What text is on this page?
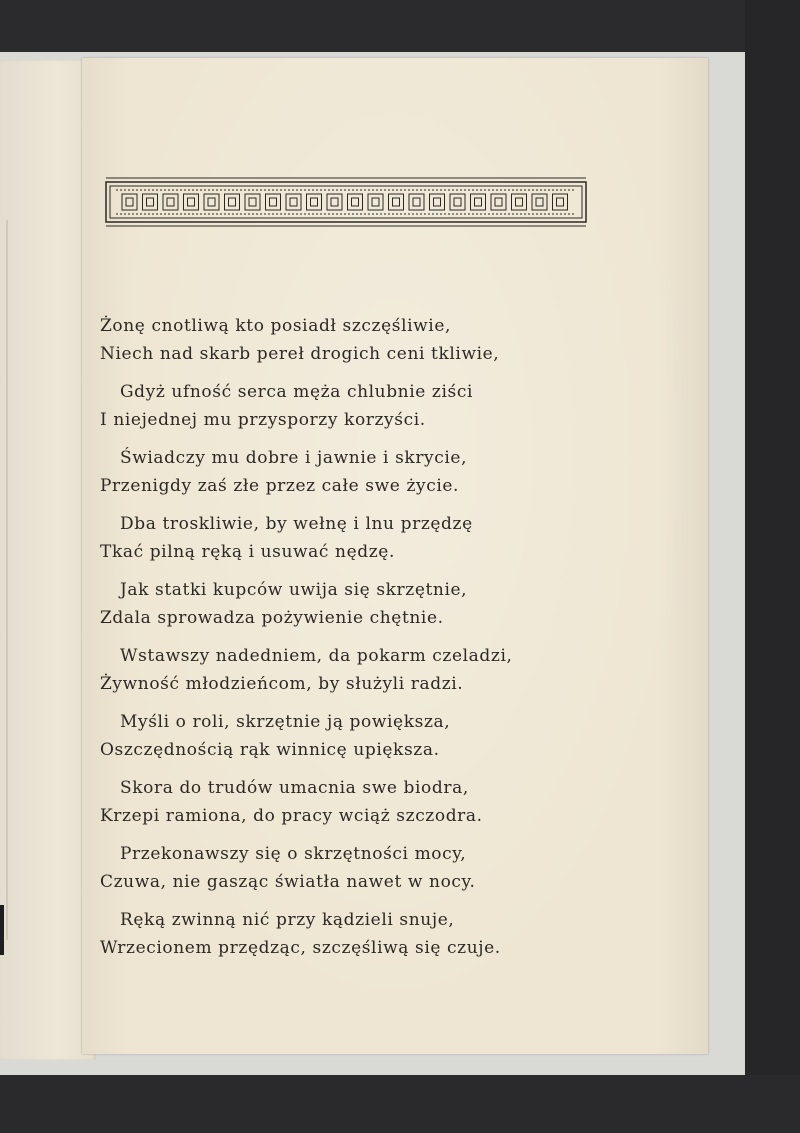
Żonę cnotliwą kto posiadł szczęśliwie,
Niech nad skarb pereł drogich ceni tkliwie,
Gdyż ufność serca męża chlubnie ziści
I niejednej mu przysporzy korzyści.
Świadczy mu dobre i jawnie i skrycie,
Przenigdy zaś złe przez całe swe życie.
Dba troskliwie, by wełnę i lnu przędzę
Tkać pilną ręką i usuwać nędzę.
Jak statki kupców uwija się skrzętnie,
Zdala sprowadza pożywienie chętnie.
Wstawszy nadedniem, da pokarm czeladzi,
Żywność młodzieńcom, by służyli radzi.
Myśli o roli, skrzętnie ją powiększa,
Oszczędnością rąk winnicę upiększa.
Skora do trudów umacnia swe biodra,
Krzepi ramiona, do pracy wciąż szczodra.
Przekonawszy się o skrzętności mocy,
Czuwa, nie gasząc światła nawet w nocy.
Ręką zwinną nić przy kądzieli snuje,
Wrzecionem przędząc, szczęśliwą się czuje.
